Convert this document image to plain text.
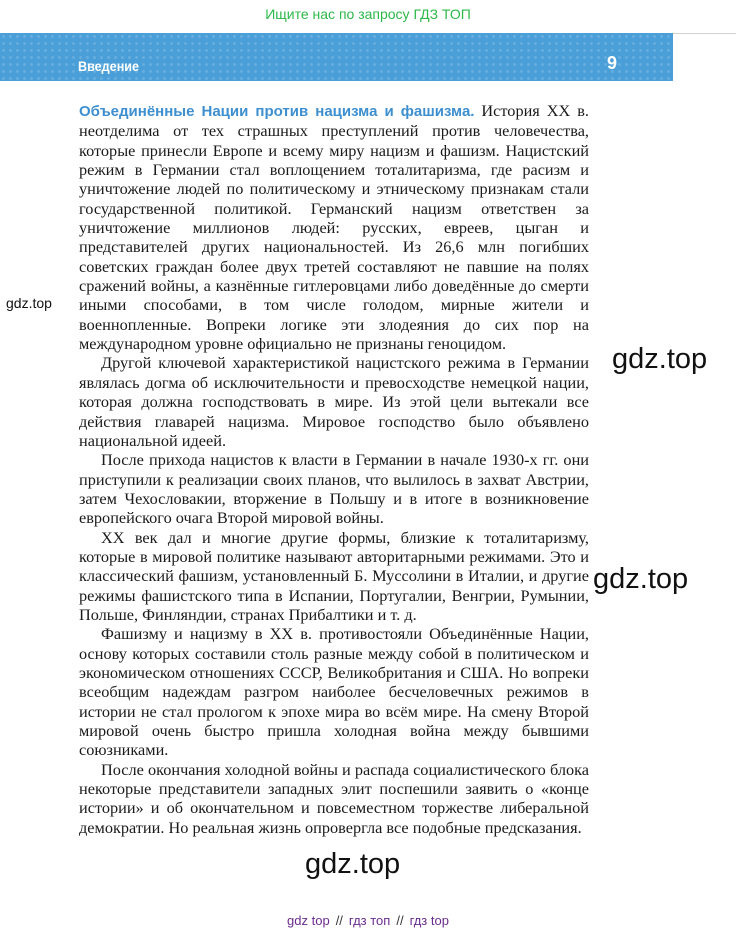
Ищите нас по запросу ГДЗ ТОП
Введение	9

Объединённые Нации против нацизма и фашизма. История XX в. неотделима от тех страшных преступлений против человечества, которые принесли Европе и всему миру нацизм и фашизм. Нацистский режим в Германии стал воплощением тоталитаризма, где расизм и уничтожение людей по политическому и этническому признакам стали государственной политикой. Германский нацизм ответствен за уничтожение миллионов людей: русских, евреев, цыган и представителей других национальностей. Из 26,6 млн погибших советских граждан более двух третей составляют не павшие на полях сражений войны, а казнённые гитлеровцами либо доведённые до смерти иными способами, в том числе голодом, мирные жители и военнопленные. Вопреки логике эти злодеяния до сих пор на международном уровне официально не признаны геноцидом.

Другой ключевой характеристикой нацистского режима в Германии являлась догма об исключительности и превосходстве немецкой нации, которая должна господствовать в мире. Из этой цели вытекали все действия главарей нацизма. Мировое господство было объявлено национальной идеей.

После прихода нацистов к власти в Германии в начале 1930-х гг. они приступили к реализации своих планов, что вылилось в захват Австрии, затем Чехословакии, вторжение в Польшу и в итоге в возникновение европейского очага Второй мировой войны.

XX век дал и многие другие формы, близкие к тоталитаризму, которые в мировой политике называют авторитарными режимами. Это и классический фашизм, установленный Б. Муссолини в Италии, и другие режимы фашистского типа в Испании, Португалии, Венгрии, Румынии, Польше, Финляндии, странах Прибалтики и т. д.

Фашизму и нацизму в XX в. противостояли Объединённые Нации, основу которых составили столь разные между собой в политическом и экономическом отношениях СССР, Великобритания и США. Но вопреки всеобщим надеждам разгром наиболее бесчеловечных режимов в истории не стал прологом к эпохе мира во всём мире. На смену Второй мировой очень быстро пришла холодная война между бывшими союзниками.

После окончания холодной войны и распада социалистического блока некоторые представители западных элит поспешили заявить о «конце истории» и об окончательном и повсеместном торжестве либеральной демократии. Но реальная жизнь опровергла все подобные предсказания.

gdz.top
gdz.top
gdz.top
gdz.top
gdz top // гдз топ // гдз top
